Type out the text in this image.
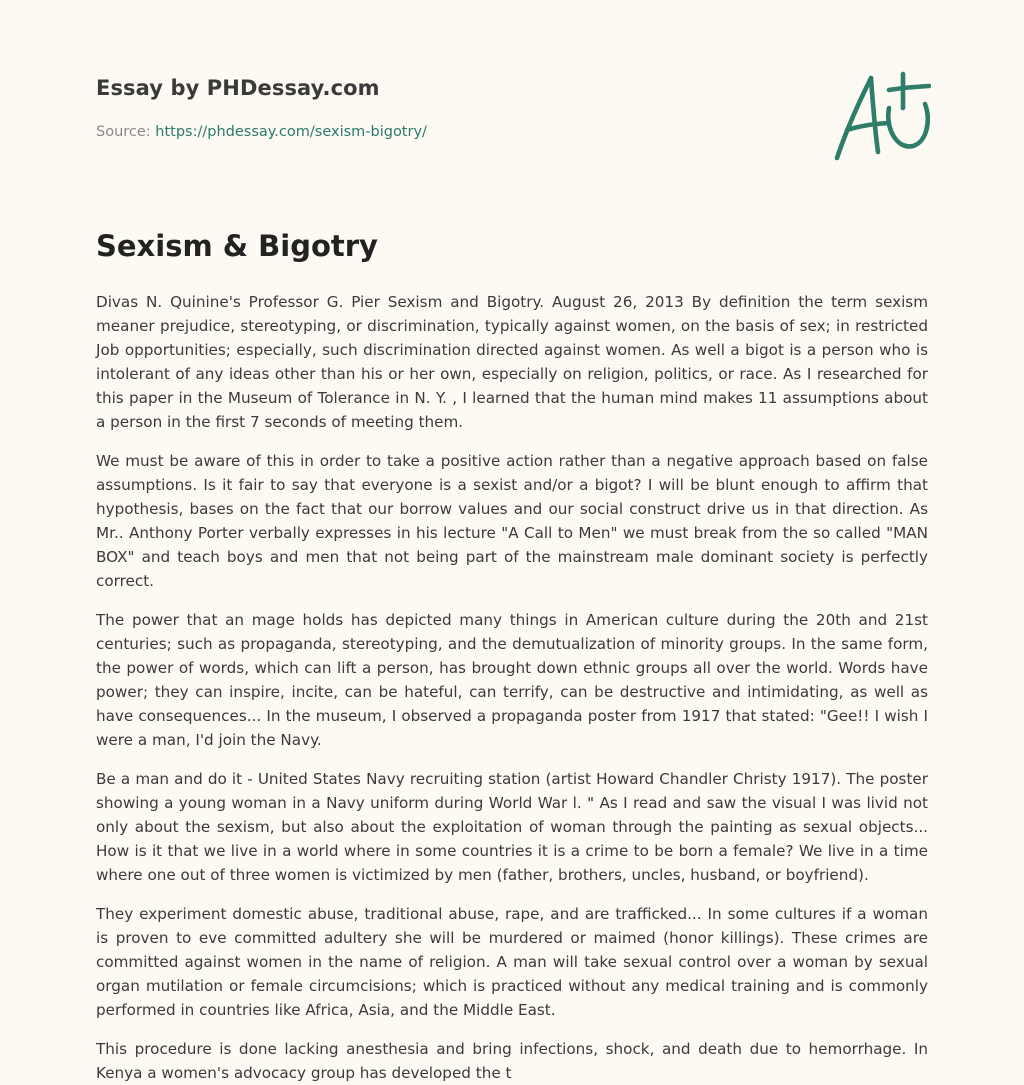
Essay by PHDessay.com

Source: https://phdessay.com/sexism-bigotry/

Sexism & Bigotry

Divas N. Quinine's Professor G. Pier Sexism and Bigotry. August 26, 2013 By definition the term sexism meaner prejudice, stereotyping, or discrimination, typically against women, on the basis of sex; in restricted Job opportunities; especially, such discrimination directed against women. As well a bigot is a person who is intolerant of any ideas other than his or her own, especially on religion, politics, or race. As I researched for this paper in the Museum of Tolerance in N. Y. , I learned that the human mind makes 11 assumptions about a person in the first 7 seconds of meeting them.

We must be aware of this in order to take a positive action rather than a negative approach based on false assumptions. Is it fair to say that everyone is a sexist and/or a bigot? I will be blunt enough to affirm that hypothesis, bases on the fact that our borrow values and our social construct drive us in that direction. As Mr.. Anthony Porter verbally expresses in his lecture "A Call to Men" we must break from the so called "MAN BOX" and teach boys and men that not being part of the mainstream male dominant society is perfectly correct.

The power that an mage holds has depicted many things in American culture during the 20th and 21st centuries; such as propaganda, stereotyping, and the demutualization of minority groups. In the same form, the power of words, which can lift a person, has brought down ethnic groups all over the world. Words have power; they can inspire, incite, can be hateful, can terrify, can be destructive and intimidating, as well as have consequences... In the museum, I observed a propaganda poster from 1917 that stated: "Gee!! I wish I were a man, I'd join the Navy.

Be a man and do it - United States Navy recruiting station (artist Howard Chandler Christy 1917). The poster showing a young woman in a Navy uniform during World War l. " As I read and saw the visual I was livid not only about the sexism, but also about the exploitation of woman through the painting as sexual objects... How is it that we live in a world where in some countries it is a crime to be born a female? We live in a time where one out of three women is victimized by men (father, brothers, uncles, husband, or boyfriend).

They experiment domestic abuse, traditional abuse, rape, and are trafficked... In some cultures if a woman is proven to eve committed adultery she will be murdered or maimed (honor killings). These crimes are committed against women in the name of religion. A man will take sexual control over a woman by sexual organ mutilation or female circumcisions; which is practiced without any medical training and is commonly performed in countries like Africa, Asia, and the Middle East.

This procedure is done lacking anesthesia and bring infections, shock, and death due to hemorrhage. In Kenya a women's advocacy group has developed the t
